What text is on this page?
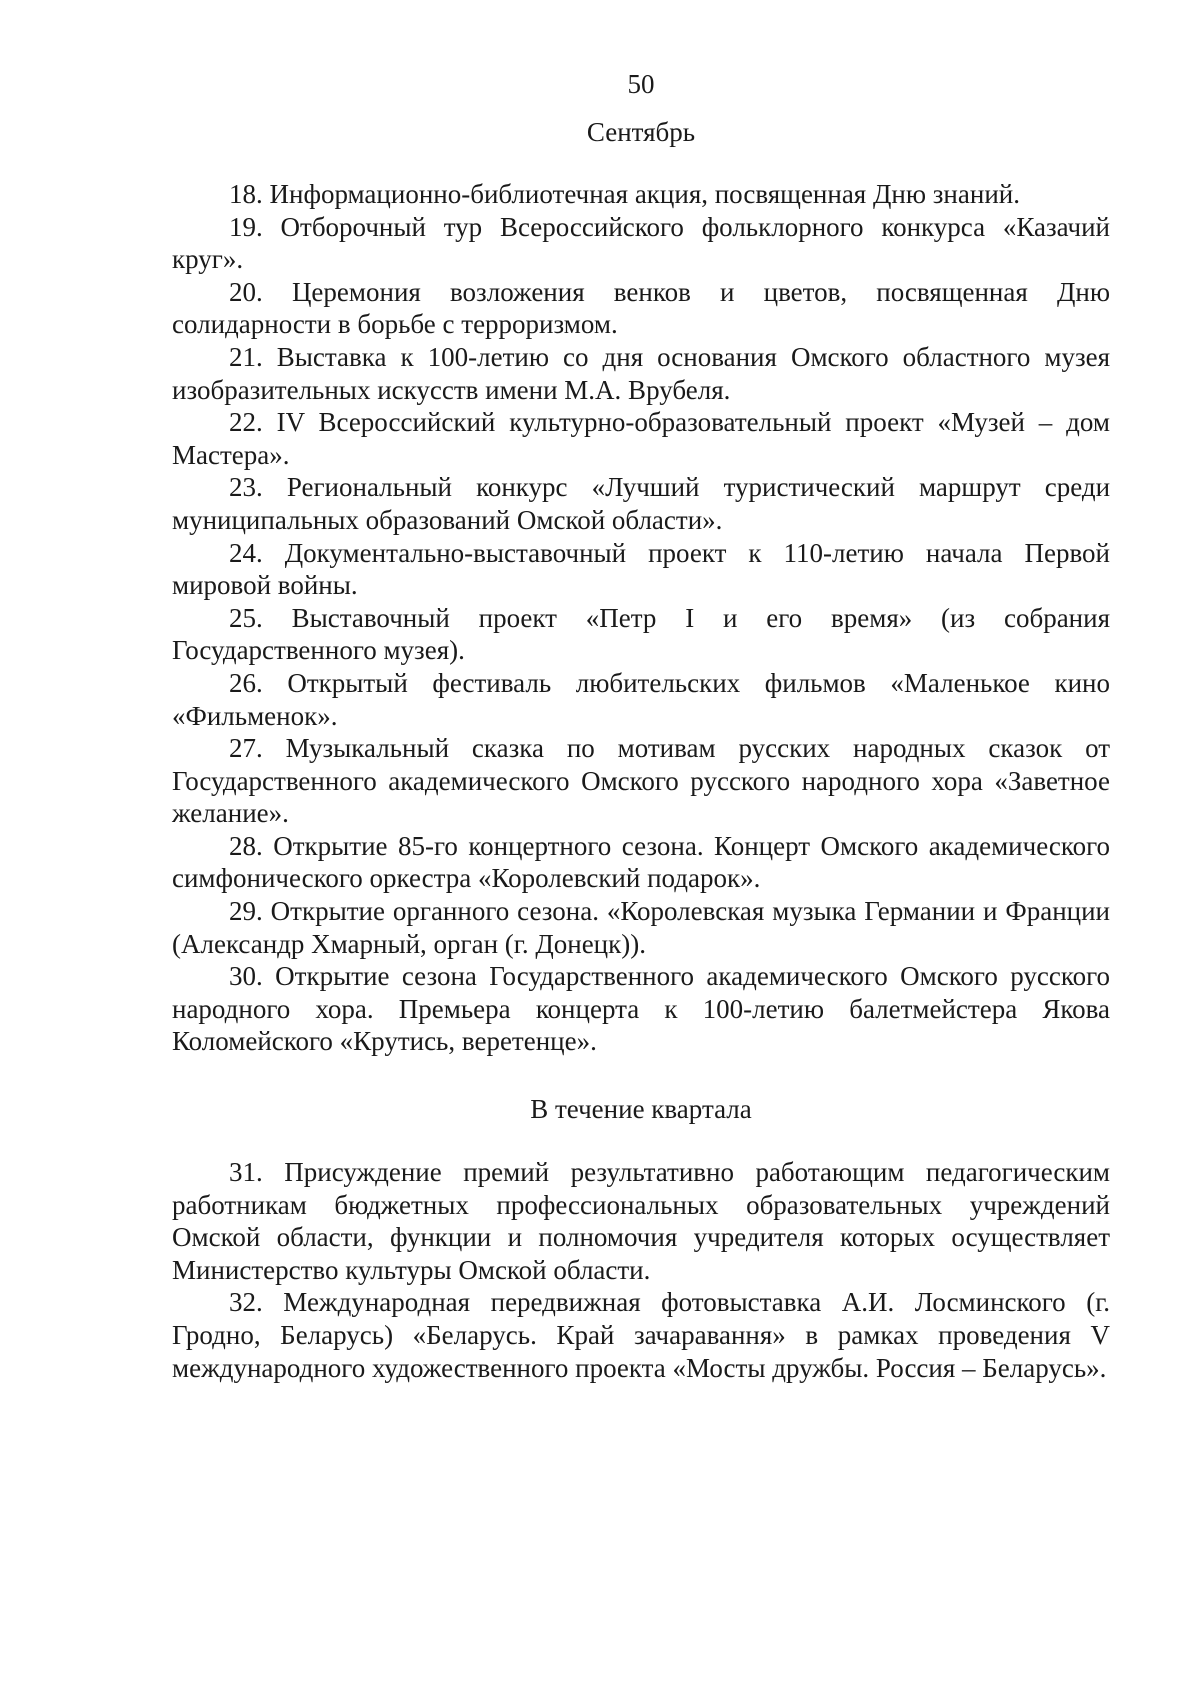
50
Сентябрь

18. Информационно-библиотечная акция, посвященная Дню знаний.

19. Отборочный тур Всероссийского фольклорного конкурса «Казачий круг».

20. Церемония возложения венков и цветов, посвященная Дню солидарности в борьбе с терроризмом.

21. Выставка к 100-летию со дня основания Омского областного музея изобразительных искусств имени М.А. Врубеля.

22. IV Всероссийский культурно-образовательный проект «Музей – дом Мастера».

23. Региональный конкурс «Лучший туристический маршрут среди муниципальных образований Омской области».

24. Документально-выставочный проект к 110-летию начала Первой мировой войны.

25. Выставочный проект «Петр I и его время» (из собрания Государственного музея).

26. Открытый фестиваль любительских фильмов «Маленькое кино «Фильменок».

27. Музыкальный сказка по мотивам русских народных сказок от Государственного академического Омского русского народного хора «Заветное желание».

28. Открытие 85-го концертного сезона. Концерт Омского академического симфонического оркестра «Королевский подарок».

29. Открытие органного сезона. «Королевская музыка Германии и Франции (Александр Хмарный, орган (г. Донецк)).

30. Открытие сезона Государственного академического Омского русского народного хора. Премьера концерта к 100-летию балетмейстера Якова Коломейского «Крутись, веретенце».

В течение квартала

31. Присуждение премий результативно работающим педагогическим работникам бюджетных профессиональных образовательных учреждений Омской области, функции и полномочия учредителя которых осуществляет Министерство культуры Омской области.

32. Международная передвижная фотовыставка А.И. Лосминского (г. Гродно, Беларусь) «Беларусь. Край зачаравання» в рамках проведения V международного художественного проекта «Мосты дружбы. Россия – Беларусь».
